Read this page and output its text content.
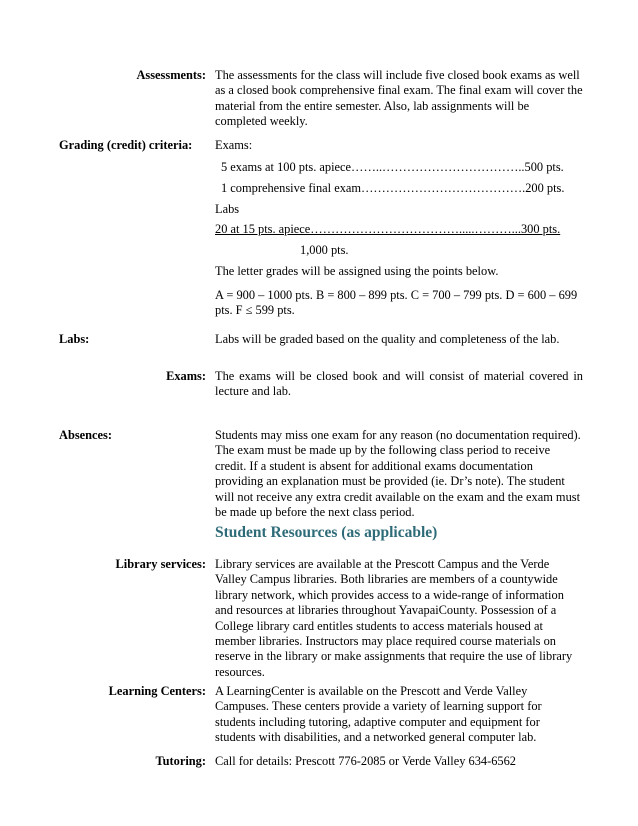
Assessments: The assessments for the class will include five closed book exams as well as a closed book comprehensive final exam. The final exam will cover the material from the entire semester. Also, lab assignments will be completed weekly.
Grading (credit) criteria: Exams:
5 exams at 100 pts. apiece……..……………………………..500 pts.
1 comprehensive final exam………………………………….200 pts.
Labs
20 at 15 pts. apiece……………………………….....………...300 pts.
1,000 pts.
The letter grades will be assigned using the points below.
A = 900 – 1000 pts. B = 800 – 899 pts. C = 700 – 799 pts. D = 600 – 699 pts. F ≤ 599 pts.
Labs:	Labs will be graded based on the quality and completeness of the lab.
Exams: The exams will be closed book and will consist of material covered in lecture and lab.
Absences:	Students may miss one exam for any reason (no documentation required). The exam must be made up by the following class period to receive credit. If a student is absent for additional exams documentation providing an explanation must be provided (ie. Dr’s note). The student will not receive any extra credit available on the exam and the exam must be made up before the next class period.
Student Resources (as applicable)
Library services: Library services are available at the Prescott Campus and the Verde Valley Campus libraries. Both libraries are members of a countywide library network, which provides access to a wide-range of information and resources at libraries throughout YavapaiCounty. Possession of a College library card entitles students to access materials housed at member libraries. Instructors may place required course materials on reserve in the library or make assignments that require the use of library resources.
Learning Centers: A LearningCenter is available on the Prescott and Verde Valley Campuses. These centers provide a variety of learning support for students including tutoring, adaptive computer and equipment for students with disabilities, and a networked general computer lab.
Tutoring: Call for details: Prescott 776-2085 or Verde Valley 634-6562
